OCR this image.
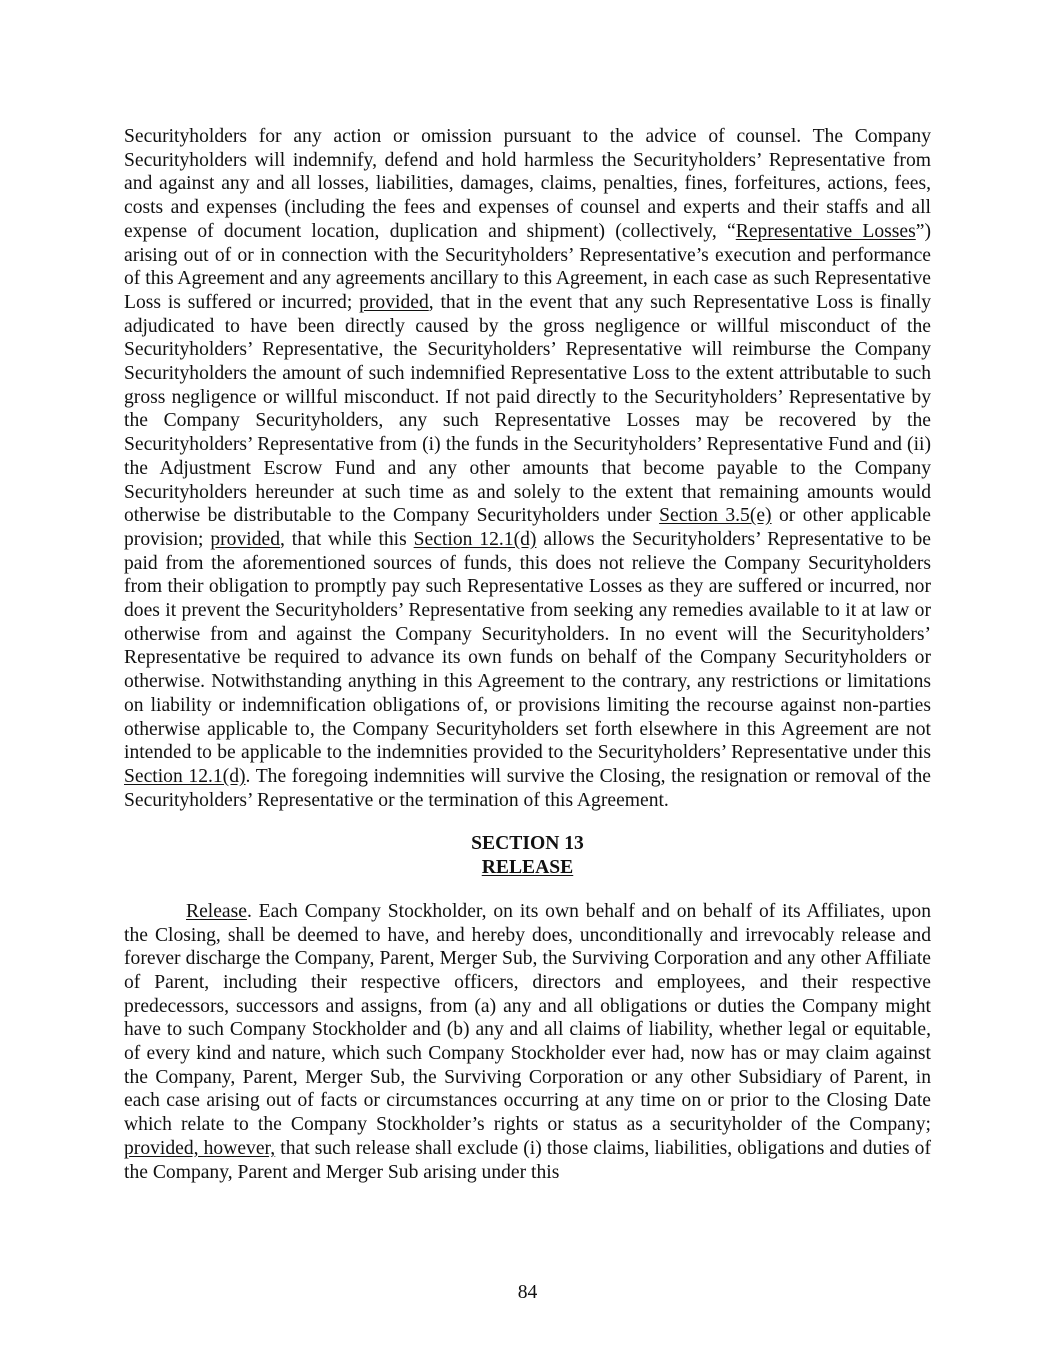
Securityholders for any action or omission pursuant to the advice of counsel. The Company Securityholders will indemnify, defend and hold harmless the Securityholders’ Representative from and against any and all losses, liabilities, damages, claims, penalties, fines, forfeitures, actions, fees, costs and expenses (including the fees and expenses of counsel and experts and their staffs and all expense of document location, duplication and shipment) (collectively, “Representative Losses”) arising out of or in connection with the Securityholders’ Representative’s execution and performance of this Agreement and any agreements ancillary to this Agreement, in each case as such Representative Loss is suffered or incurred; provided, that in the event that any such Representative Loss is finally adjudicated to have been directly caused by the gross negligence or willful misconduct of the Securityholders’ Representative, the Securityholders’ Representative will reimburse the Company Securityholders the amount of such indemnified Representative Loss to the extent attributable to such gross negligence or willful misconduct. If not paid directly to the Securityholders’ Representative by the Company Securityholders, any such Representative Losses may be recovered by the Securityholders’ Representative from (i) the funds in the Securityholders’ Representative Fund and (ii) the Adjustment Escrow Fund and any other amounts that become payable to the Company Securityholders hereunder at such time as and solely to the extent that remaining amounts would otherwise be distributable to the Company Securityholders under Section 3.5(e) or other applicable provision; provided, that while this Section 12.1(d) allows the Securityholders’ Representative to be paid from the aforementioned sources of funds, this does not relieve the Company Securityholders from their obligation to promptly pay such Representative Losses as they are suffered or incurred, nor does it prevent the Securityholders’ Representative from seeking any remedies available to it at law or otherwise from and against the Company Securityholders. In no event will the Securityholders’ Representative be required to advance its own funds on behalf of the Company Securityholders or otherwise. Notwithstanding anything in this Agreement to the contrary, any restrictions or limitations on liability or indemnification obligations of, or provisions limiting the recourse against non-parties otherwise applicable to, the Company Securityholders set forth elsewhere in this Agreement are not intended to be applicable to the indemnities provided to the Securityholders’ Representative under this Section 12.1(d). The foregoing indemnities will survive the Closing, the resignation or removal of the Securityholders’ Representative or the termination of this Agreement.

SECTION 13
RELEASE

Release. Each Company Stockholder, on its own behalf and on behalf of its Affiliates, upon the Closing, shall be deemed to have, and hereby does, unconditionally and irrevocably release and forever discharge the Company, Parent, Merger Sub, the Surviving Corporation and any other Affiliate of Parent, including their respective officers, directors and employees, and their respective predecessors, successors and assigns, from (a) any and all obligations or duties the Company might have to such Company Stockholder and (b) any and all claims of liability, whether legal or equitable, of every kind and nature, which such Company Stockholder ever had, now has or may claim against the Company, Parent, Merger Sub, the Surviving Corporation or any other Subsidiary of Parent, in each case arising out of facts or circumstances occurring at any time on or prior to the Closing Date which relate to the Company Stockholder’s rights or status as a securityholder of the Company; provided, however, that such release shall exclude (i) those claims, liabilities, obligations and duties of the Company, Parent and Merger Sub arising under this

84
